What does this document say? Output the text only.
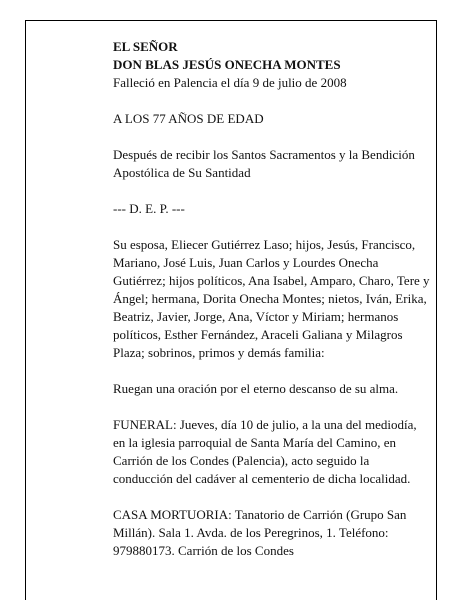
EL SEÑOR
DON BLAS JESÚS ONECHA MONTES
Falleció en Palencia el día 9 de julio de 2008

A LOS 77 AÑOS DE EDAD

Después de recibir los Santos Sacramentos y la Bendición Apostólica de Su Santidad

--- D. E. P. ---

Su esposa, Eliecer Gutiérrez Laso; hijos, Jesús, Francisco, Mariano, José Luis, Juan Carlos y Lourdes Onecha Gutiérrez; hijos políticos, Ana Isabel, Amparo, Charo, Tere y Ángel; hermana, Dorita Onecha Montes; nietos, Iván, Erika, Beatriz, Javier, Jorge, Ana, Víctor y Miriam; hermanos políticos, Esther Fernández, Araceli Galiana y Milagros Plaza; sobrinos, primos y demás familia:

Ruegan una oración por el eterno descanso de su alma.

FUNERAL: Jueves, día 10 de julio, a la una del mediodía, en la iglesia parroquial de Santa María del Camino, en Carrión de los Condes (Palencia), acto seguido la conducción del cadáver al cementerio de dicha localidad.

CASA MORTUORIA: Tanatorio de Carrión (Grupo San Millán). Sala 1. Avda. de los Peregrinos, 1. Teléfono: 979880173. Carrión de los Condes
